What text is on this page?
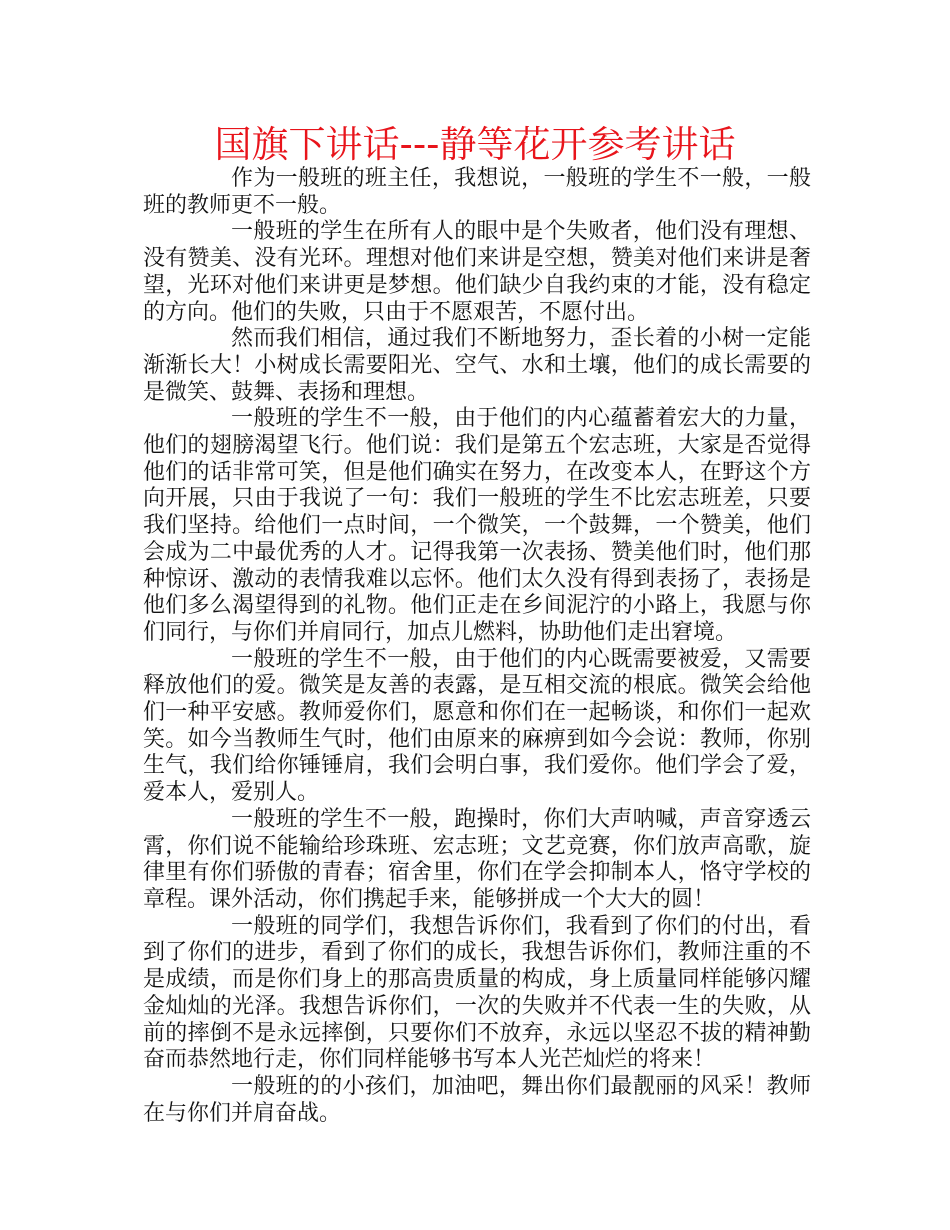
国旗下讲话---静等花开参考讲话

作为一般班的班主任，我想说，一般班的学生不一般，一般班的教师更不一般。

一般班的学生在所有人的眼中是个失败者，他们没有理想、没有赞美、没有光环。理想对他们来讲是空想，赞美对他们来讲是奢望，光环对他们来讲更是梦想。他们缺少自我约束的才能，没有稳定的方向。他们的失败，只由于不愿艰苦，不愿付出。

然而我们相信，通过我们不断地努力，歪长着的小树一定能渐渐长大！小树成长需要阳光、空气、水和土壤，他们的成长需要的是微笑、鼓舞、表扬和理想。

一般班的学生不一般，由于他们的内心蕴蓄着宏大的力量，他们的翅膀渴望飞行。他们说：我们是第五个宏志班，大家是否觉得他们的话非常可笑，但是他们确实在努力，在改变本人，在野这个方向开展，只由于我说了一句：我们一般班的学生不比宏志班差，只要我们坚持。给他们一点时间，一个微笑，一个鼓舞，一个赞美，他们会成为二中最优秀的人才。记得我第一次表扬、赞美他们时，他们那种惊讶、激动的表情我难以忘怀。他们太久没有得到表扬了，表扬是他们多么渴望得到的礼物。他们正走在乡间泥泞的小路上，我愿与你们同行，与你们并肩同行，加点儿燃料，协助他们走出窘境。

一般班的学生不一般，由于他们的内心既需要被爱，又需要释放他们的爱。微笑是友善的表露，是互相交流的根底。微笑会给他们一种平安感。教师爱你们，愿意和你们在一起畅谈，和你们一起欢笑。如今当教师生气时，他们由原来的麻痹到如今会说：教师，你别生气，我们给你锤锤肩，我们会明白事，我们爱你。他们学会了爱，爱本人，爱别人。

一般班的学生不一般，跑操时，你们大声呐喊，声音穿透云霄，你们说不能输给珍珠班、宏志班；文艺竞赛，你们放声高歌，旋律里有你们骄傲的青春；宿舍里，你们在学会抑制本人，恪守学校的章程。课外活动，你们携起手来，能够拼成一个大大的圆！

一般班的同学们，我想告诉你们，我看到了你们的付出，看到了你们的进步，看到了你们的成长，我想告诉你们，教师注重的不是成绩，而是你们身上的那高贵质量的构成，身上质量同样能够闪耀金灿灿的光泽。我想告诉你们，一次的失败并不代表一生的失败，从前的摔倒不是永远摔倒，只要你们不放弃，永远以坚忍不拔的精神勤奋而恭然地行走，你们同样能够书写本人光芒灿烂的将来！

一般班的的小孩们，加油吧，舞出你们最靓丽的风采！教师在与你们并肩奋战。
